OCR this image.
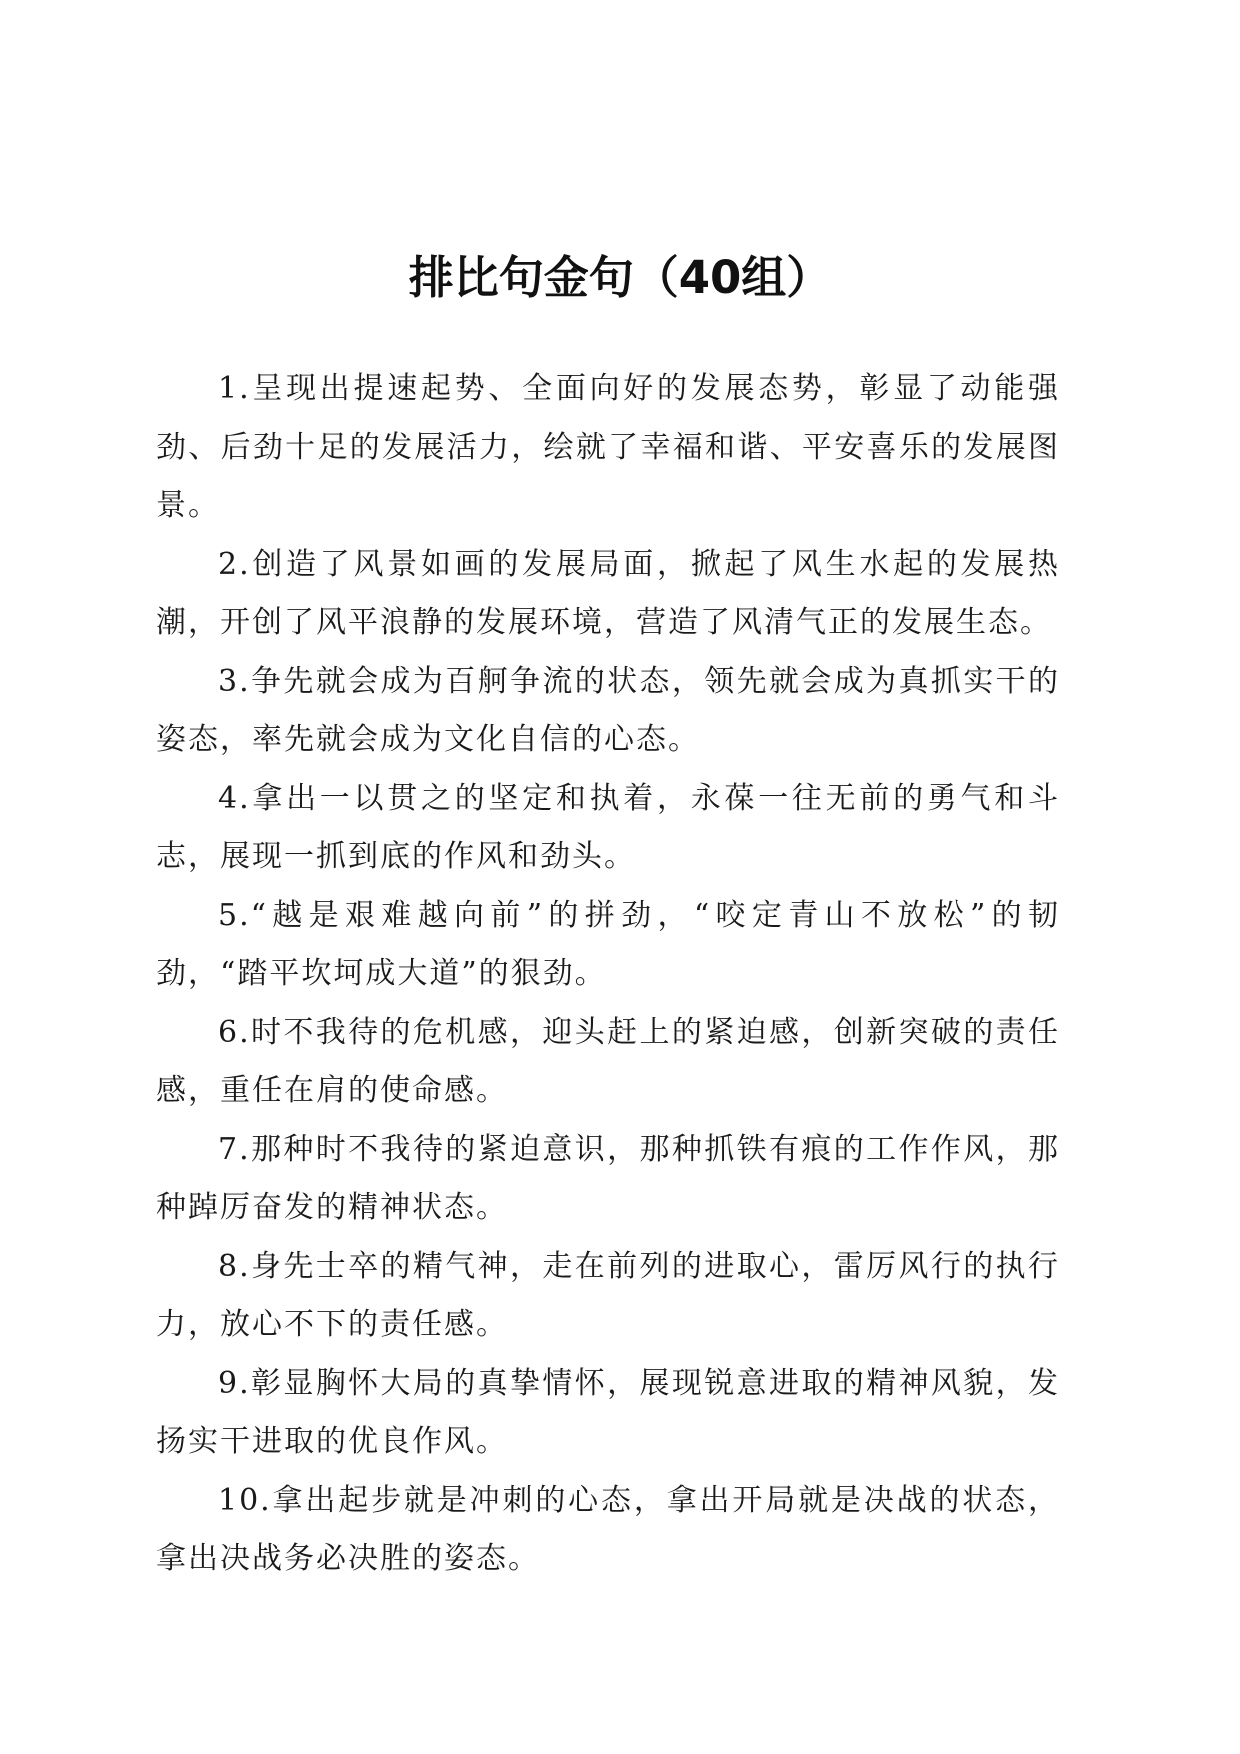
排比句金句（40组）

1.呈现出提速起势、全面向好的发展态势，彰显了动能强劲、后劲十足的发展活力，绘就了幸福和谐、平安喜乐的发展图景。

2.创造了风景如画的发展局面，掀起了风生水起的发展热潮，开创了风平浪静的发展环境，营造了风清气正的发展生态。

3.争先就会成为百舸争流的状态，领先就会成为真抓实干的姿态，率先就会成为文化自信的心态。

4.拿出一以贯之的坚定和执着，永葆一往无前的勇气和斗志，展现一抓到底的作风和劲头。

5.“越是艰难越向前”的拼劲，“咬定青山不放松”的韧劲，“踏平坎坷成大道”的狠劲。

6.时不我待的危机感，迎头赶上的紧迫感，创新突破的责任感，重任在肩的使命感。

7.那种时不我待的紧迫意识，那种抓铁有痕的工作作风，那种踔厉奋发的精神状态。

8.身先士卒的精气神，走在前列的进取心，雷厉风行的执行力，放心不下的责任感。

9.彰显胸怀大局的真挚情怀，展现锐意进取的精神风貌，发扬实干进取的优良作风。

10.拿出起步就是冲刺的心态，拿出开局就是决战的状态，拿出决战务必决胜的姿态。
